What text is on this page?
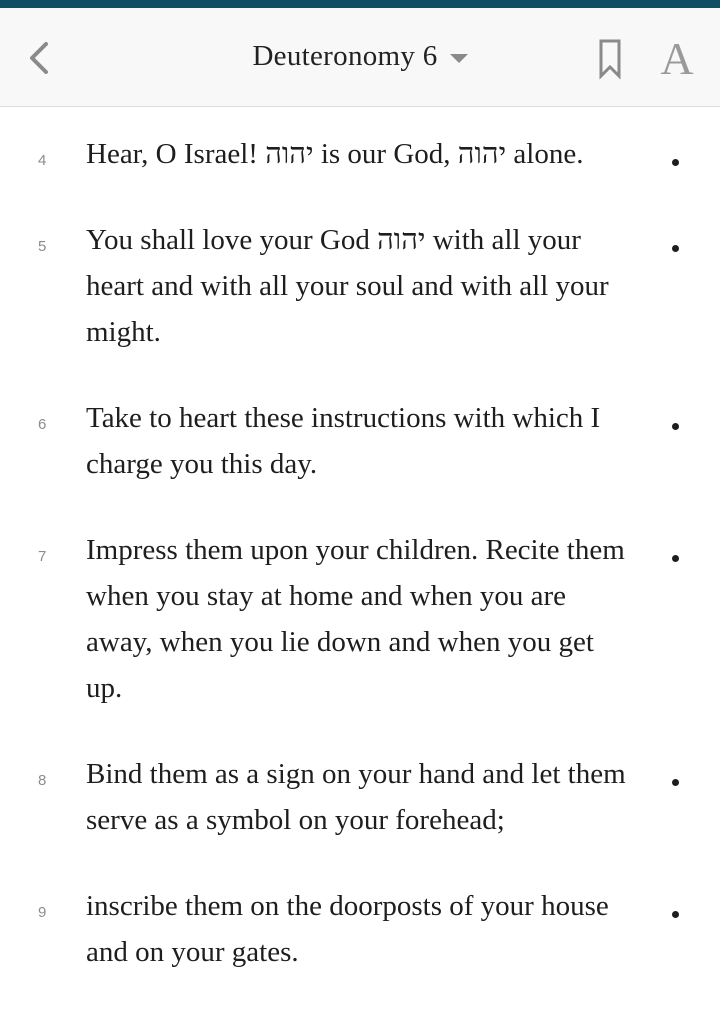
Deuteronomy 6	A
4	Hear, O Israel! יהוה is our God, יהוה alone.

5	You shall love your God יהוה with all your heart and with all your soul and with all your might.

6	Take to heart these instructions with which I charge you this day.

7	Impress them upon your children. Recite them when you stay at home and when you are away, when you lie down and when you get up.

8	Bind them as a sign on your hand and let them serve as a symbol on your forehead;

9	inscribe them on the doorposts of your house and on your gates.
